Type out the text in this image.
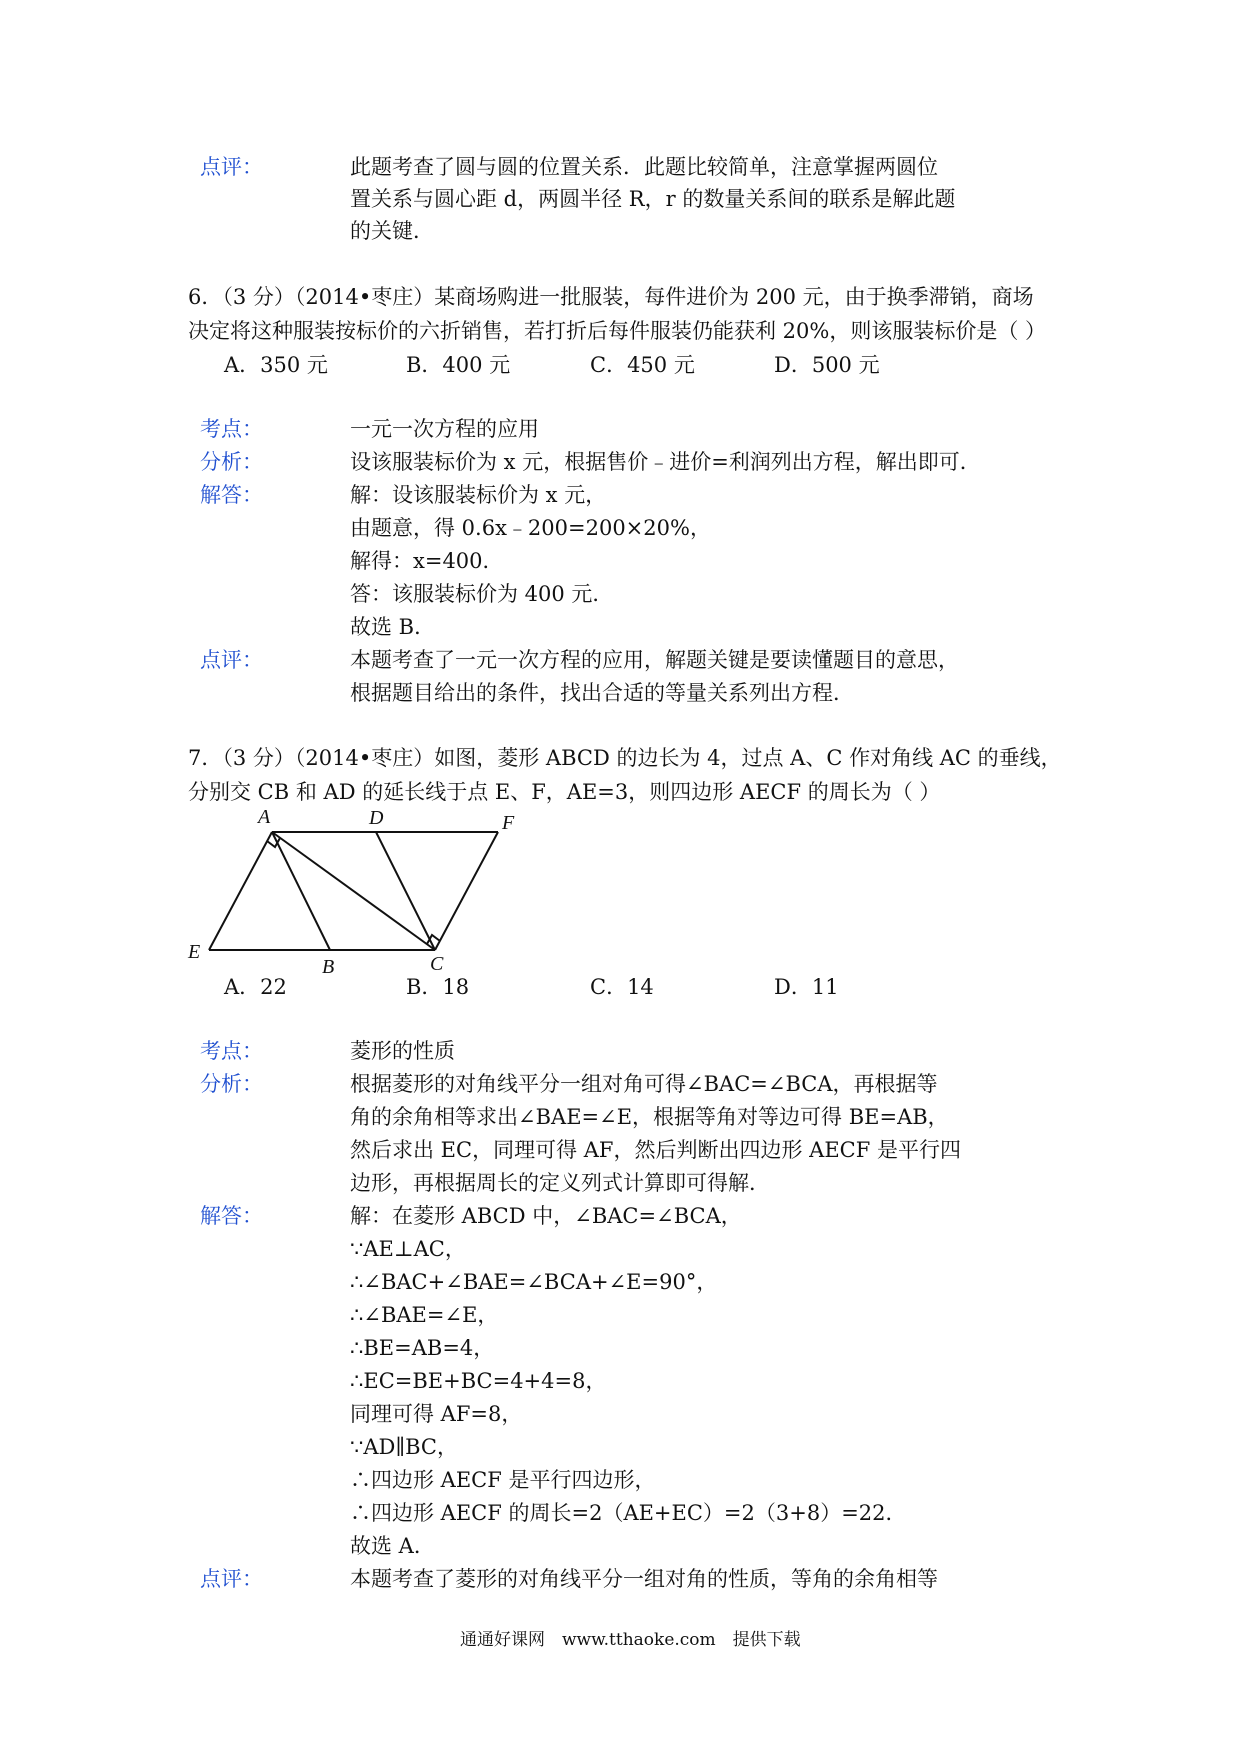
点评：	此题考查了圆与圆的位置关系．此题比较简单，注意掌握两圆位
置关系与圆心距 d，两圆半径 R，r 的数量关系间的联系是解此题
的关键．
6．（3 分）（2014•枣庄）某商场购进一批服装，每件进价为 200 元，由于换季滞销，商场
决定将这种服装按标价的六折销售，若打折后每件服装仍能获利 20%，则该服装标价是（ ）
A．350 元	B．400 元	C．450 元	D．500 元
考点：	一元一次方程的应用
分析：	设该服装标价为 x 元，根据售价﹣进价=利润列出方程，解出即可．
解答：	解：设该服装标价为 x 元，
由题意，得 0.6x﹣200=200×20%，
解得：x=400．
答：该服装标价为 400 元．
故选 B．
点评：	本题考查了一元一次方程的应用，解题关键是要读懂题目的意思，
根据题目给出的条件，找出合适的等量关系列出方程．
7．（3 分）（2014•枣庄）如图，菱形 ABCD 的边长为 4，过点 A、C 作对角线 AC 的垂线，
分别交 CB 和 AD 的延长线于点 E、F，AE=3，则四边形 AECF 的周长为（ ）
A	D	F
E
B	C
A．22	B．18	C．14	D．11
考点：	菱形的性质
分析：	根据菱形的对角线平分一组对角可得∠BAC=∠BCA，再根据等
角的余角相等求出∠BAE=∠E，根据等角对等边可得 BE=AB，
然后求出 EC，同理可得 AF，然后判断出四边形 AECF 是平行四
边形，再根据周长的定义列式计算即可得解．
解答：	解：在菱形 ABCD 中，∠BAC=∠BCA，
∵AE⊥AC，
∴∠BAC+∠BAE=∠BCA+∠E=90°，
∴∠BAE=∠E，
∴BE=AB=4，
∴EC=BE+BC=4+4=8，
同理可得 AF=8，
∵AD∥BC，
∴四边形 AECF 是平行四边形，
∴四边形 AECF 的周长=2（AE+EC）=2（3+8）=22．
故选 A．
点评：	本题考查了菱形的对角线平分一组对角的性质，等角的余角相等
通通好课网　www.tthaoke.com　提供下载
